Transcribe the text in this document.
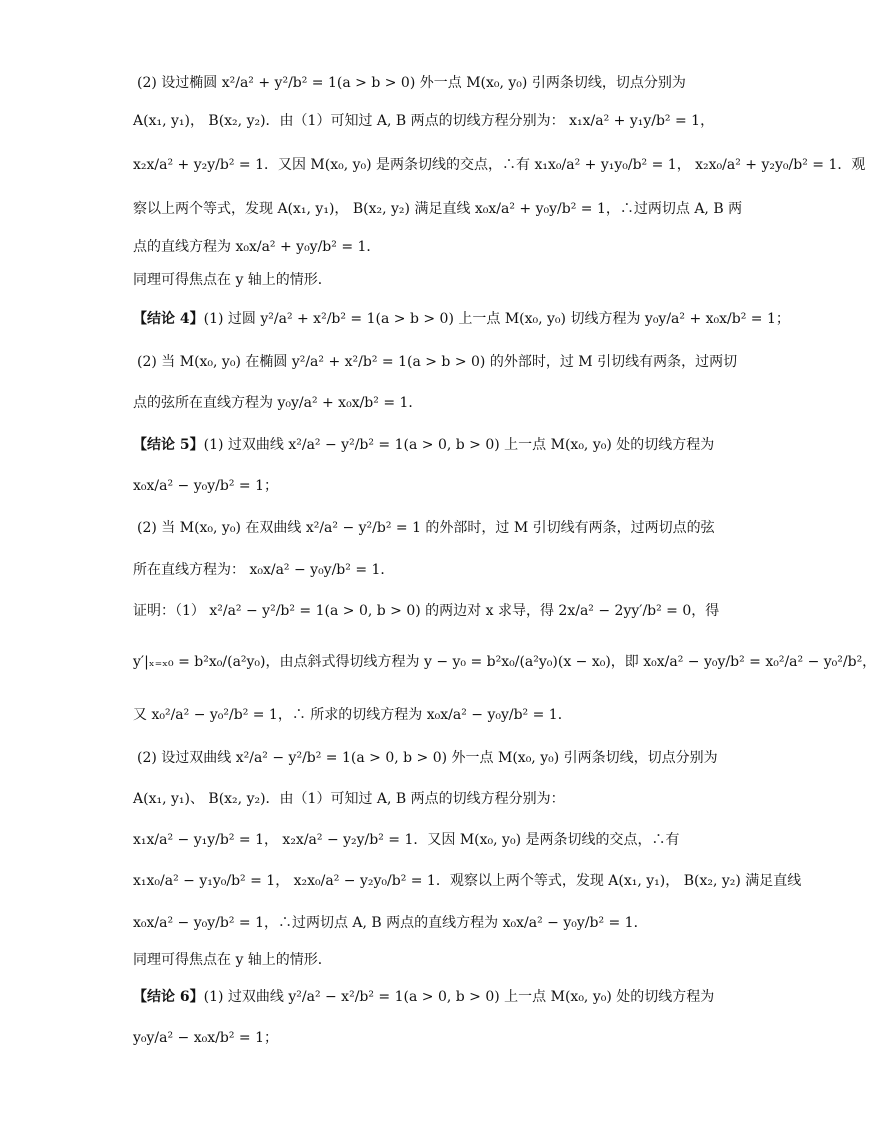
(2) 设过椭圆 x²/a² + y²/b² = 1(a > b > 0) 外一点 M(x₀, y₀) 引两条切线，切点分别为
A(x₁, y₁)， B(x₂, y₂)．由（1）可知过 A, B 两点的切线方程分别为： x₁x/a² + y₁y/b² = 1，
x₂x/a² + y₂y/b² = 1．又因 M(x₀, y₀) 是两条切线的交点，∴有 x₁x₀/a² + y₁y₀/b² = 1， x₂x₀/a² + y₂y₀/b² = 1．观
察以上两个等式，发现 A(x₁, y₁)， B(x₂, y₂) 满足直线 x₀x/a² + y₀y/b² = 1，∴过两切点 A, B 两
点的直线方程为 x₀x/a² + y₀y/b² = 1．
同理可得焦点在 y 轴上的情形．
【结论 4】 (1) 过圆 y²/a² + x²/b² = 1(a > b > 0) 上一点 M(x₀, y₀) 切线方程为 y₀y/a² + x₀x/b² = 1；
(2) 当 M(x₀, y₀) 在椭圆 y²/a² + x²/b² = 1(a > b > 0) 的外部时，过 M 引切线有两条，过两切
点的弦所在直线方程为 y₀y/a² + x₀x/b² = 1．
【结论 5】 (1) 过双曲线 x²/a² − y²/b² = 1(a > 0, b > 0) 上一点 M(x₀, y₀) 处的切线方程为
x₀x/a² − y₀y/b² = 1；
(2) 当 M(x₀, y₀) 在双曲线 x²/a² − y²/b² = 1 的外部时，过 M 引切线有两条，过两切点的弦
所在直线方程为： x₀x/a² − y₀y/b² = 1．
证明：（1） x²/a² − y²/b² = 1(a > 0, b > 0) 的两边对 x 求导，得 2x/a² − 2yy′/b² = 0，得
y′|ₓ₌ₓ₀ = b²x₀/(a²y₀)，由点斜式得切线方程为 y − y₀ = b²x₀/(a²y₀)(x − x₀)，即 x₀x/a² − y₀y/b² = x₀²/a² − y₀²/b²，
又 x₀²/a² − y₀²/b² = 1，∴ 所求的切线方程为 x₀x/a² − y₀y/b² = 1．
(2) 设过双曲线 x²/a² − y²/b² = 1(a > 0, b > 0) 外一点 M(x₀, y₀) 引两条切线，切点分别为
A(x₁, y₁)、 B(x₂, y₂)．由（1）可知过 A, B 两点的切线方程分别为：
x₁x/a² − y₁y/b² = 1， x₂x/a² − y₂y/b² = 1．又因 M(x₀, y₀) 是两条切线的交点，∴有
x₁x₀/a² − y₁y₀/b² = 1， x₂x₀/a² − y₂y₀/b² = 1．观察以上两个等式，发现 A(x₁, y₁)， B(x₂, y₂) 满足直线
x₀x/a² − y₀y/b² = 1，∴过两切点 A, B 两点的直线方程为 x₀x/a² − y₀y/b² = 1．
同理可得焦点在 y 轴上的情形．
【结论 6】 (1) 过双曲线 y²/a² − x²/b² = 1(a > 0, b > 0) 上一点 M(x₀, y₀) 处的切线方程为
y₀y/a² − x₀x/b² = 1；
